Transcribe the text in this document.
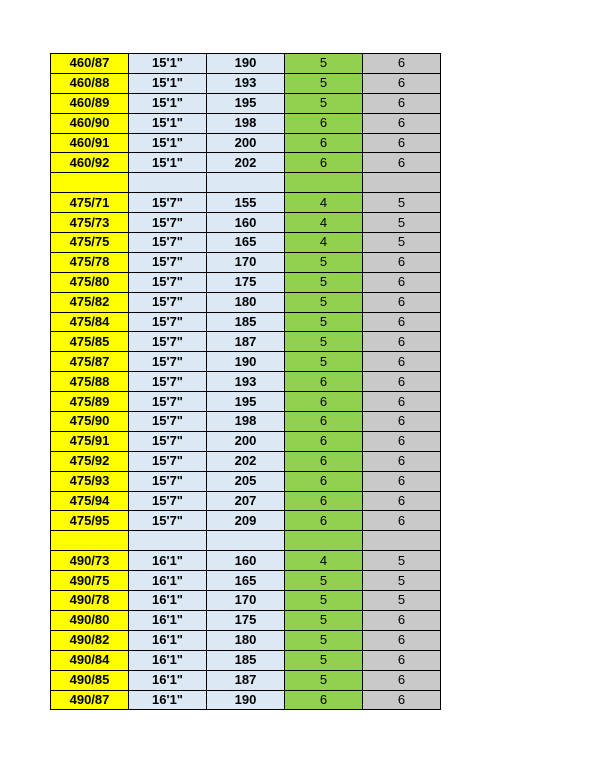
460/87	15'1"	190	5	6
460/88	15'1"	193	5	6
460/89	15'1"	195	5	6
460/90	15'1"	198	6	6
460/91	15'1"	200	6	6
460/92	15'1"	202	6	6

475/71	15'7"	155	4	5
475/73	15'7"	160	4	5
475/75	15'7"	165	4	5
475/78	15'7"	170	5	6
475/80	15'7"	175	5	6
475/82	15'7"	180	5	6
475/84	15'7"	185	5	6
475/85	15'7"	187	5	6
475/87	15'7"	190	5	6
475/88	15'7"	193	6	6
475/89	15'7"	195	6	6
475/90	15'7"	198	6	6
475/91	15'7"	200	6	6
475/92	15'7"	202	6	6
475/93	15'7"	205	6	6
475/94	15'7"	207	6	6
475/95	15'7"	209	6	6

490/73	16'1"	160	4	5
490/75	16'1"	165	5	5
490/78	16'1"	170	5	5
490/80	16'1"	175	5	6
490/82	16'1"	180	5	6
490/84	16'1"	185	5	6
490/85	16'1"	187	5	6
490/87	16'1"	190	6	6
